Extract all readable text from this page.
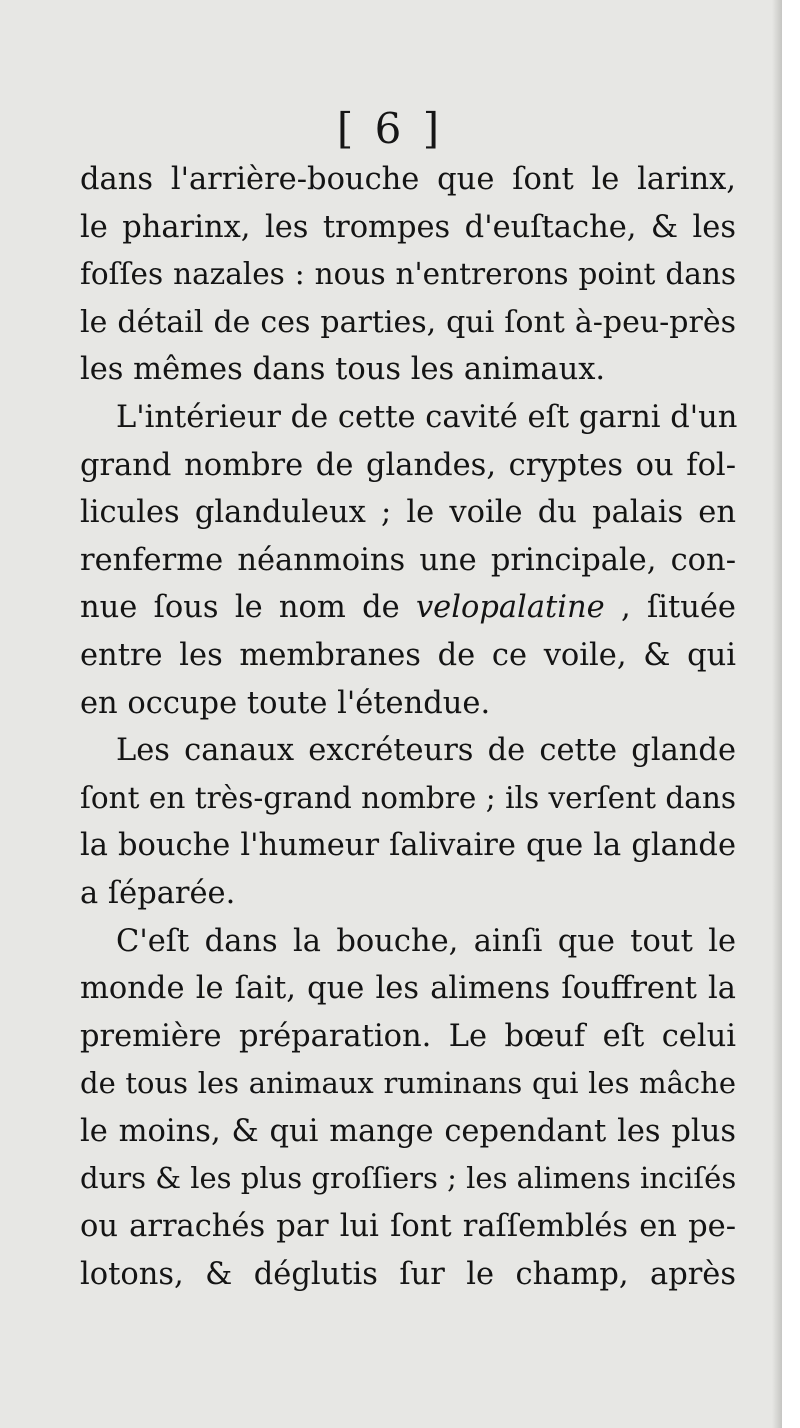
[ 6 ]

dans l'arrière-bouche que ſont le larinx,
le pharinx, les trompes d'euſtache, & les
foſſes nazales : nous n'entrerons point dans
le détail de ces parties, qui ſont à-peu-près
les mêmes dans tous les animaux.

L'intérieur de cette cavité eſt garni d'un
grand nombre de glandes, cryptes ou fol-
licules glanduleux ; le voile du palais en
renferme néanmoins une principale, con-
nue ſous le nom de velopalatine , ſituée
entre les membranes de ce voile, & qui
en occupe toute l'étendue.

Les canaux excréteurs de cette glande
ſont en très-grand nombre ; ils verſent dans
la bouche l'humeur ſalivaire que la glande
a ſéparée.

C'eſt dans la bouche, ainſi que tout le
monde le ſait, que les alimens ſouffrent la
première préparation. Le bœuf eſt celui
de tous les animaux ruminans qui les mâche
le moins, & qui mange cependant les plus
durs & les plus groſſiers ; les alimens inciſés
ou arrachés par lui ſont raſſemblés en pe-
lotons, & déglutis ſur le champ, après
